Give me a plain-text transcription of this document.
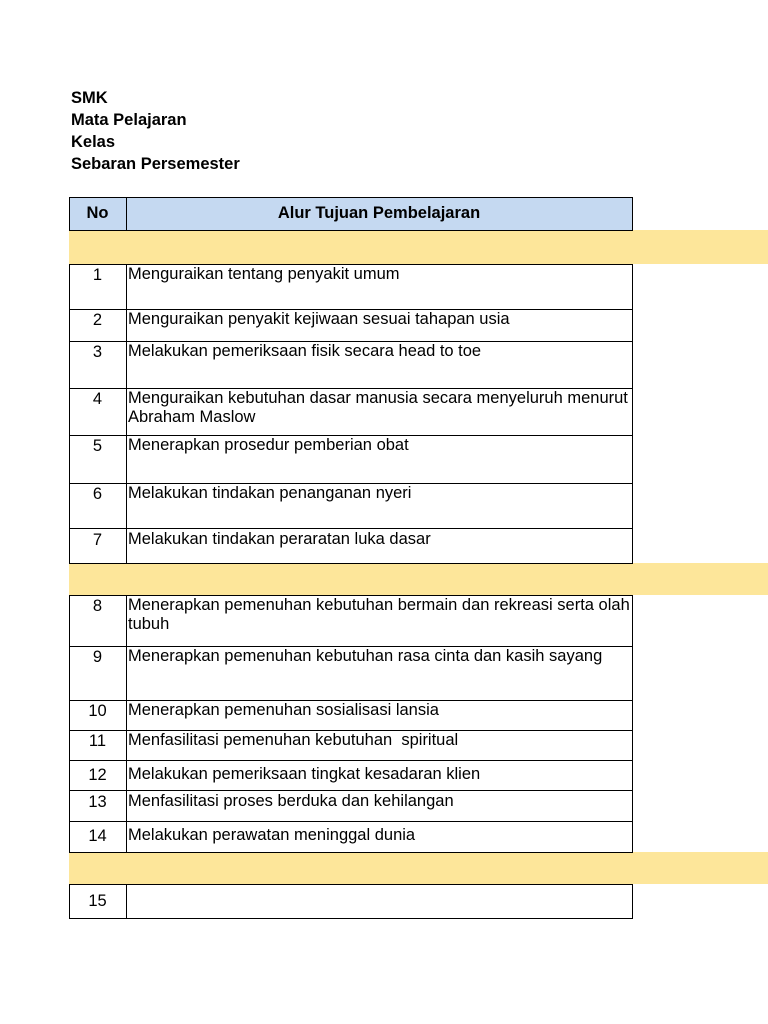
SMK
Mata Pelajaran
Kelas
Sebaran Persemester
No	Alur Tujuan Pembelajaran
1	Menguraikan tentang penyakit umum
2	Menguraikan penyakit kejiwaan sesuai tahapan usia
3	Melakukan pemeriksaan fisik secara head to toe
4	Menguraikan kebutuhan dasar manusia secara menyeluruh menurut Abraham Maslow
5	Menerapkan prosedur pemberian obat
6	Melakukan tindakan penanganan nyeri
7	Melakukan tindakan peraratan luka dasar
8	Menerapkan pemenuhan kebutuhan bermain dan rekreasi serta olah tubuh
9	Menerapkan pemenuhan kebutuhan rasa cinta dan kasih sayang
10	Menerapkan pemenuhan sosialisasi lansia
11	Menfasilitasi pemenuhan kebutuhan  spiritual
12	Melakukan pemeriksaan tingkat kesadaran klien
13	Menfasilitasi proses berduka dan kehilangan
14	Melakukan perawatan meninggal dunia
15
